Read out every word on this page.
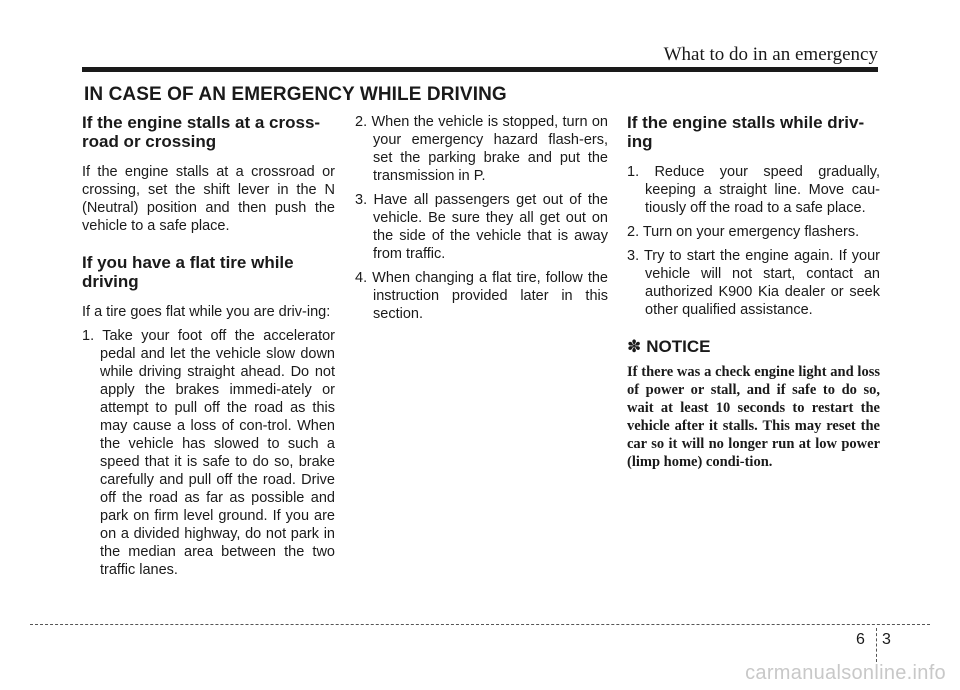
What to do in an emergency
IN CASE OF AN EMERGENCY WHILE DRIVING
If the engine stalls at a cross-road or crossing

If the engine stalls at a crossroad or crossing, set the shift lever in the N (Neutral) position and then push the vehicle to a safe place.

If you have a flat tire while driving

If a tire goes flat while you are driv-ing:

1. Take your foot off the accelerator pedal and let the vehicle slow down while driving straight ahead. Do not apply the brakes immedi-ately or attempt to pull off the road as this may cause a loss of con-trol. When the vehicle has slowed to such a speed that it is safe to do so, brake carefully and pull off the road. Drive off the road as far as possible and park on firm level ground. If you are on a divided highway, do not park in the median area between the two traffic lanes.
2. When the vehicle is stopped, turn on your emergency hazard flash-ers, set the parking brake and put the transmission in P.
3. Have all passengers get out of the vehicle. Be sure they all get out on the side of the vehicle that is away from traffic.
4. When changing a flat tire, follow the instruction provided later in this section.
If the engine stalls while driv-ing
1. Reduce your speed gradually, keeping a straight line. Move cau-tiously off the road to a safe place.
2. Turn on your emergency flashers.
3. Try to start the engine again. If your vehicle will not start, contact an authorized K900 Kia dealer or seek other qualified assistance.
✽ NOTICE

If there was a check engine light and loss of power or stall, and if safe to do so, wait at least 10 seconds to restart the vehicle after it stalls. This may reset the car so it will no longer run at low power (limp home) condi-tion.

6 3
carmanualsonline.info
